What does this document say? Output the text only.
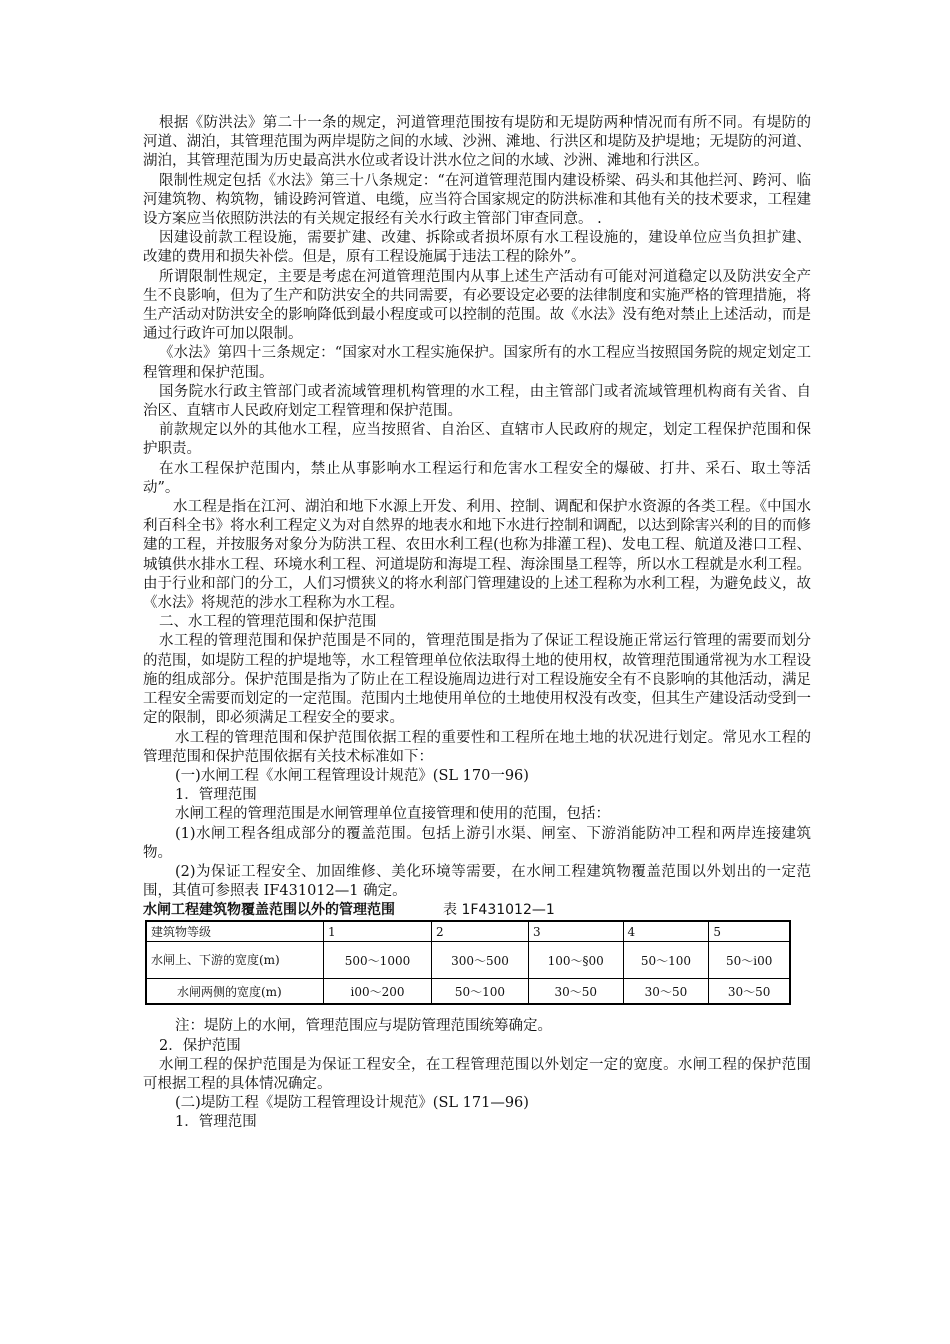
根据《防洪法》第二十一条的规定，河道管理范围按有堤防和无堤防两种情况而有所不同。有堤防的河道、湖泊，其管理范围为两岸堤防之间的水域、沙洲、滩地、行洪区和堤防及护堤地；无堤防的河道、湖泊，其管理范围为历史最高洪水位或者设计洪水位之间的水域、沙洲、滩地和行洪区。

限制性规定包括《水法》第三十八条规定：“在河道管理范围内建设桥梁、码头和其他拦河、跨河、临河建筑物、构筑物，铺设跨河管道、电缆，应当符合国家规定的防洪标准和其他有关的技术要求，工程建设方案应当依照防洪法的有关规定报经有关水行政主管部门审查同意。 .

因建设前款工程设施，需要扩建、改建、拆除或者损坏原有水工程设施的，建设单位应当负担扩建、改建的费用和损失补偿。但是，原有工程设施属于违法工程的除外”。

所谓限制性规定，主要是考虑在河道管理范围内从事上述生产活动有可能对河道稳定以及防洪安全产生不良影响，但为了生产和防洪安全的共同需要，有必要设定必要的法律制度和实施严格的管理措施，将生产活动对防洪安全的影响降低到最小程度或可以控制的范围。故《水法》没有绝对禁止上述活动，而是通过行政许可加以限制。

《水法》第四十三条规定：“国家对水工程实施保护。国家所有的水工程应当按照国务院的规定划定工程管理和保护范围。

国务院水行政主管部门或者流域管理机构管理的水工程，由主管部门或者流域管理机构商有关省、自治区、直辖市人民政府划定工程管理和保护范围。

前款规定以外的其他水工程，应当按照省、自治区、直辖市人民政府的规定，划定工程保护范围和保护职责。

在水工程保护范围内，禁止从事影响水工程运行和危害水工程安全的爆破、打井、采石、取土等活动”。

水工程是指在江河、湖泊和地下水源上开发、利用、控制、调配和保护水资源的各类工程。《中国水利百科全书》将水利工程定义为对自然界的地表水和地下水进行控制和调配，以达到除害兴利的目的而修建的工程，并按服务对象分为防洪工程、农田水利工程(也称为排灌工程)、发电工程、航道及港口工程、城镇供水排水工程、环境水利工程、河道堤防和海堤工程、海涂围垦工程等，所以水工程就是水利工程。由于行业和部门的分工，人们习惯狭义的将水利部门管理建设的上述工程称为水利工程，为避免歧义，故《水法》将规范的涉水工程称为水工程。

二、水工程的管理范围和保护范围

水工程的管理范围和保护范围是不同的，管理范围是指为了保证工程设施正常运行管理的需要而划分的范围，如堤防工程的护堤地等，水工程管理单位依法取得土地的使用权，故管理范围通常视为水工程设施的组成部分。保护范围是指为了防止在工程设施周边进行对工程设施安全有不良影响的其他活动，满足工程安全需要而划定的一定范围。范围内土地使用单位的土地使用权没有改变，但其生产建设活动受到一定的限制，即必须满足工程安全的要求。

水工程的管理范围和保护范围依据工程的重要性和工程所在地土地的状况进行划定。常见水工程的管理范围和保护范围依据有关技术标准如下：

(一)水闸工程《水闸工程管理设计规范》(SL 170一96)

1．管理范围

水闸工程的管理范围是水闸管理单位直接管理和使用的范围，包括：

(1)水闸工程各组成部分的覆盖范围。包括上游引水渠、闸室、下游消能防冲工程和两岸连接建筑物。

(2)为保证工程安全、加固维修、美化环境等需要，在水闸工程建筑物覆盖范围以外划出的一定范围，其值可参照表 IF431012—1 确定。

水闸工程建筑物覆盖范围以外的管理范围	表 1F431012—1

建筑物等级	1	2	3	4	5
水闸上、下游的宽度(m)	500～1000	300～500	100～§00	50～100	50～i00
水闸两侧的宽度(m)	i00～200	50～100	30～50	30～50	30～50

注：堤防上的水闸，管理范围应与堤防管理范围统筹确定。

2．保护范围

水闸工程的保护范围是为保证工程安全，在工程管理范围以外划定一定的宽度。水闸工程的保护范围可根据工程的具体情况确定。

(二)堤防工程《堤防工程管理设计规范》(SL 171—96)

1．管理范围
